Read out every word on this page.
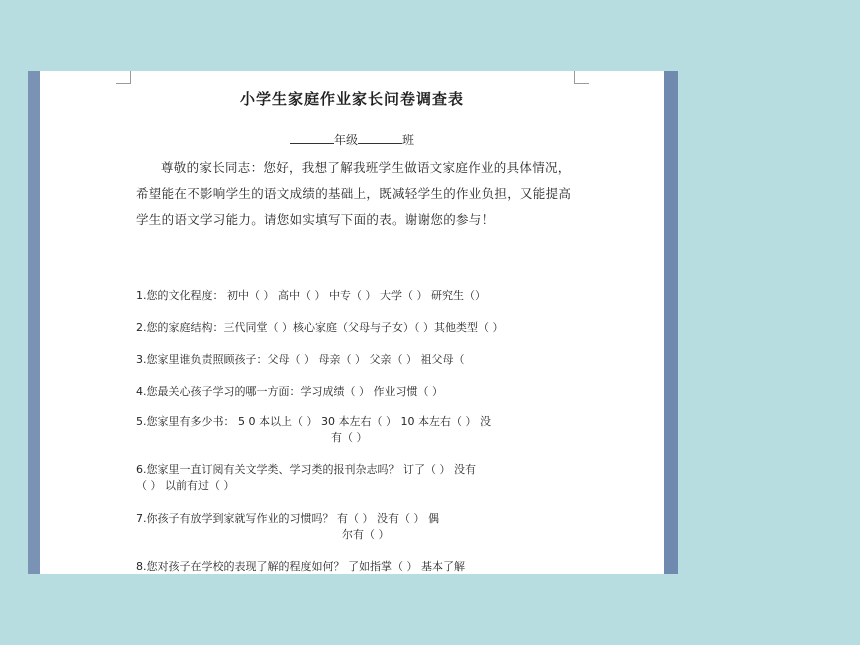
小学生家庭作业家长问卷调查表
年级	班
尊敬的家长同志：您好，我想了解我班学生做语文家庭作业的具体情况，希望能在不影响学生的语文成绩的基础上，既减轻学生的作业负担，又能提高学生的语文学习能力。请您如实填写下面的表。谢谢您的参与！
1.您的文化程度： 初中（ ） 高中（ ） 中专（ ） 大学（ ） 研究生（）
2.您的家庭结构：三代同堂（ ）核心家庭（父母与子女）（ ）其他类型（ ）
3.您家里谁负责照顾孩子：父母（ ） 母亲（ ） 父亲（ ） 祖父母（
4.您最关心孩子学习的哪一方面：学习成绩（ ） 作业习惯（ ）
5.您家里有多少书： 5 0 本以上（ ） 30 本左右（ ） 10 本左右（ ） 没
有（ ）
6.您家里一直订阅有关文学类、学习类的报刊杂志吗？ 订了（ ） 没有
（ ） 以前有过（ ）
7.你孩子有放学到家就写作业的习惯吗？ 有（ ） 没有（ ） 偶
尔有（ ）
8.您对孩子在学校的表现了解的程度如何？ 了如指掌（ ） 基本了解
